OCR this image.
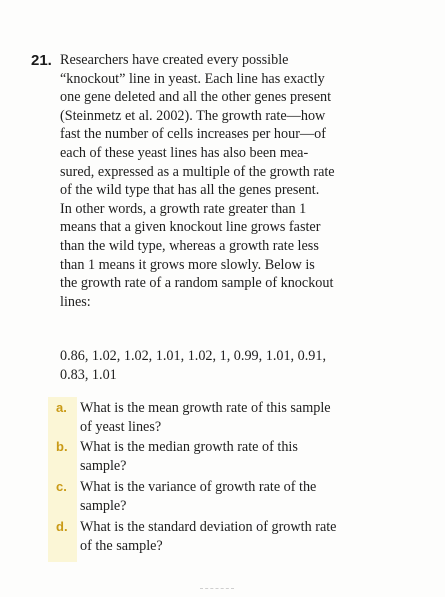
21. Researchers have created every possible
“knockout” line in yeast. Each line has exactly
one gene deleted and all the other genes present
(Steinmetz et al. 2002). The growth rate—how
fast the number of cells increases per hour—of
each of these yeast lines has also been mea-
sured, expressed as a multiple of the growth rate
of the wild type that has all the genes present.
In other words, a growth rate greater than 1
means that a given knockout line grows faster
than the wild type, whereas a growth rate less
than 1 means it grows more slowly. Below is
the growth rate of a random sample of knockout
lines:
0.86, 1.02, 1.02, 1.01, 1.02, 1, 0.99, 1.01, 0.91,
0.83, 1.01
a. What is the mean growth rate of this sample
of yeast lines?
b. What is the median growth rate of this
sample?
c. What is the variance of growth rate of the
sample?
d. What is the standard deviation of growth rate
of the sample?
